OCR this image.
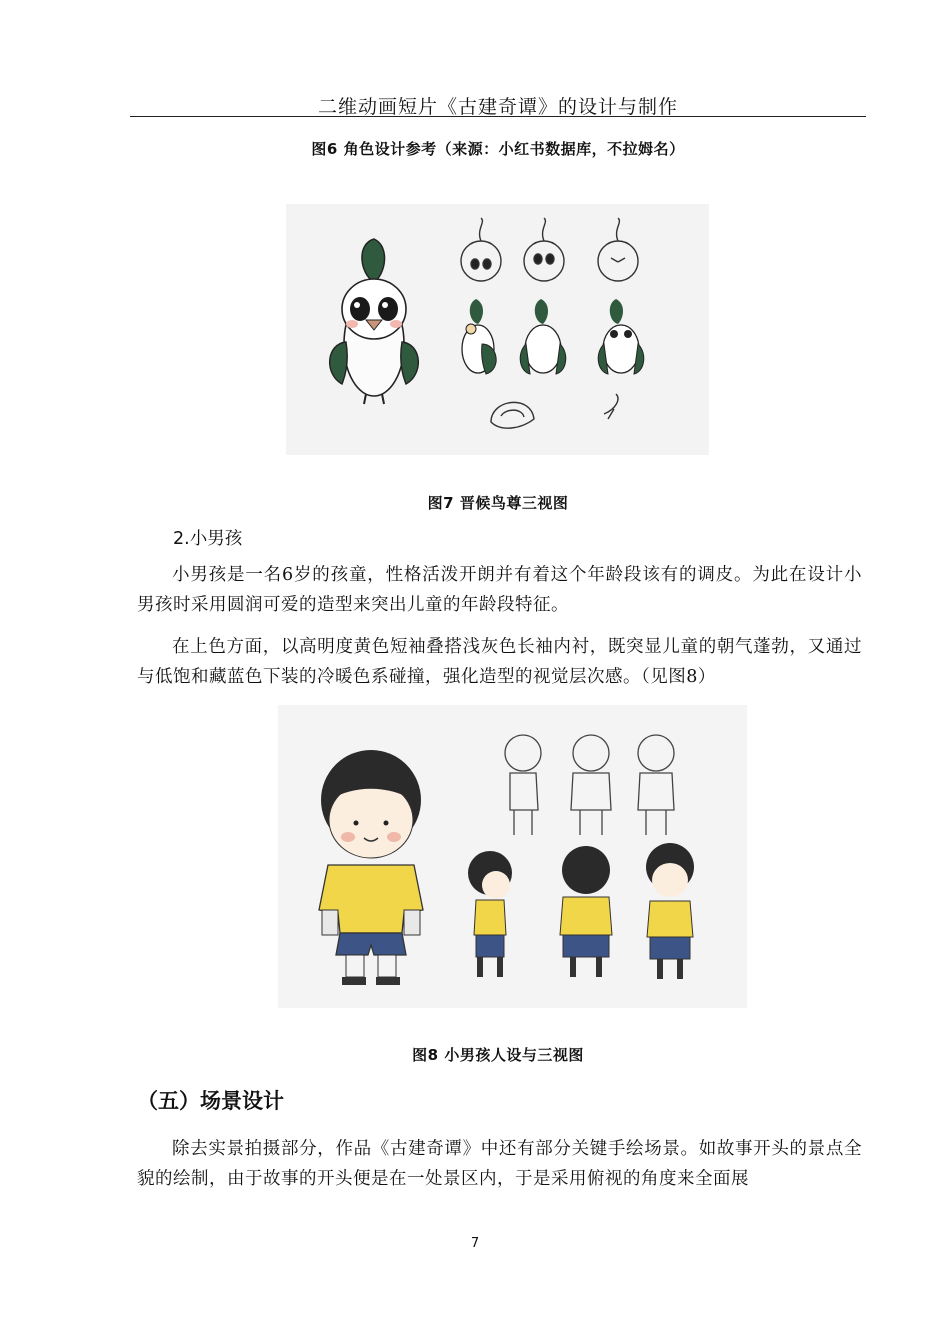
二维动画短片《古建奇谭》的设计与制作
图6 角色设计参考（来源：小红书数据库，不拉姆名）
图7 晋候鸟尊三视图
2.小男孩

小男孩是一名6岁的孩童，性格活泼开朗并有着这个年龄段该有的调皮。为此在设计小男孩时采用圆润可爱的造型来突出儿童的年龄段特征。

在上色方面，以高明度黄色短袖叠搭浅灰色长袖内衬，既突显儿童的朝气蓬勃，又通过与低饱和藏蓝色下装的冷暖色系碰撞，强化造型的视觉层次感。（见图8）

图8 小男孩人设与三视图
（五）场景设计

除去实景拍摄部分，作品《古建奇谭》中还有部分关键手绘场景。如故事开头的景点全貌的绘制，由于故事的开头便是在一处景区内，于是采用俯视的角度来全面展

7
